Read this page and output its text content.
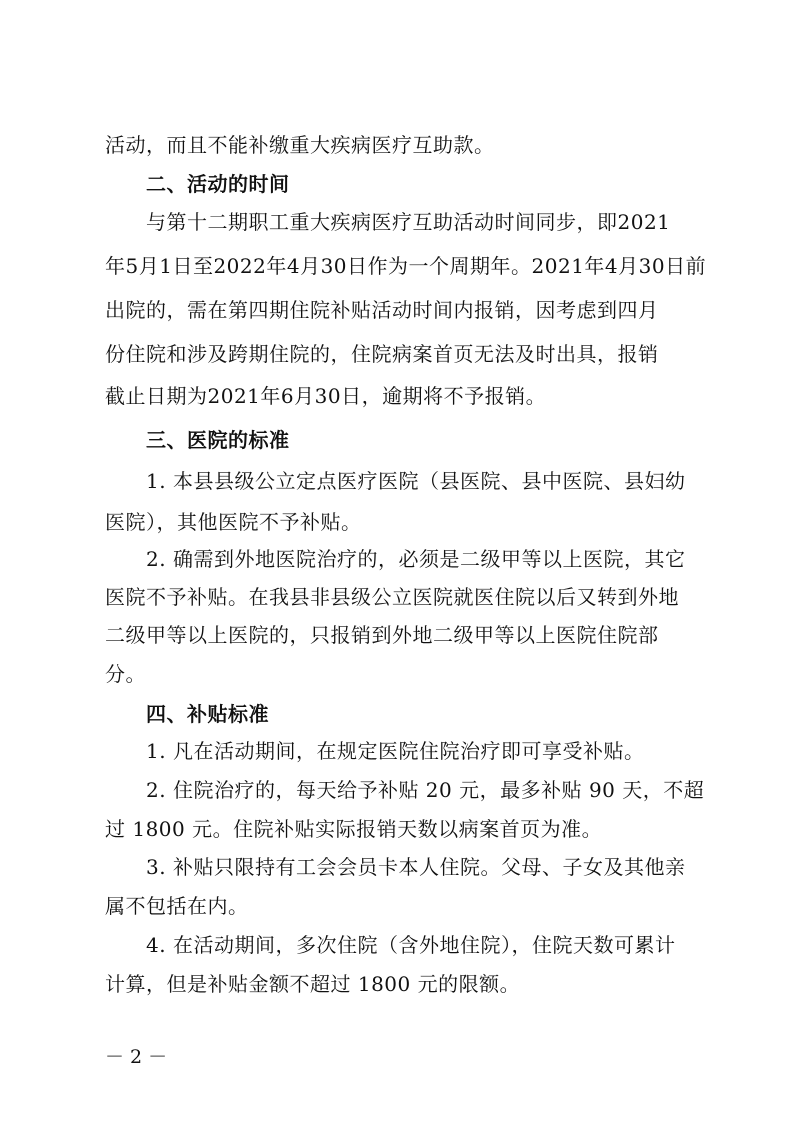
活动，而且不能补缴重大疾病医疗互助款。
二、活动的时间
与第十二期职工重大疾病医疗互助活动时间同步，即2021
年5月1日至2022年4月30日作为一个周期年。2021年4月30日前
出院的，需在第四期住院补贴活动时间内报销，因考虑到四月
份住院和涉及跨期住院的，住院病案首页无法及时出具，报销
截止日期为2021年6月30日，逾期将不予报销。
三、医院的标准
1. 本县县级公立定点医疗医院（县医院、县中医院、县妇幼
医院），其他医院不予补贴。
2. 确需到外地医院治疗的，必须是二级甲等以上医院，其它
医院不予补贴。在我县非县级公立医院就医住院以后又转到外地
二级甲等以上医院的，只报销到外地二级甲等以上医院住院部
分。
四、补贴标准
1. 凡在活动期间，在规定医院住院治疗即可享受补贴。
2. 住院治疗的，每天给予补贴 20 元，最多补贴 90 天，不超
过 1800 元。住院补贴实际报销天数以病案首页为准。
3. 补贴只限持有工会会员卡本人住院。父母、子女及其他亲
属不包括在内。
4. 在活动期间，多次住院（含外地住院），住院天数可累计
计算，但是补贴金额不超过 1800 元的限额。
－ 2 －
